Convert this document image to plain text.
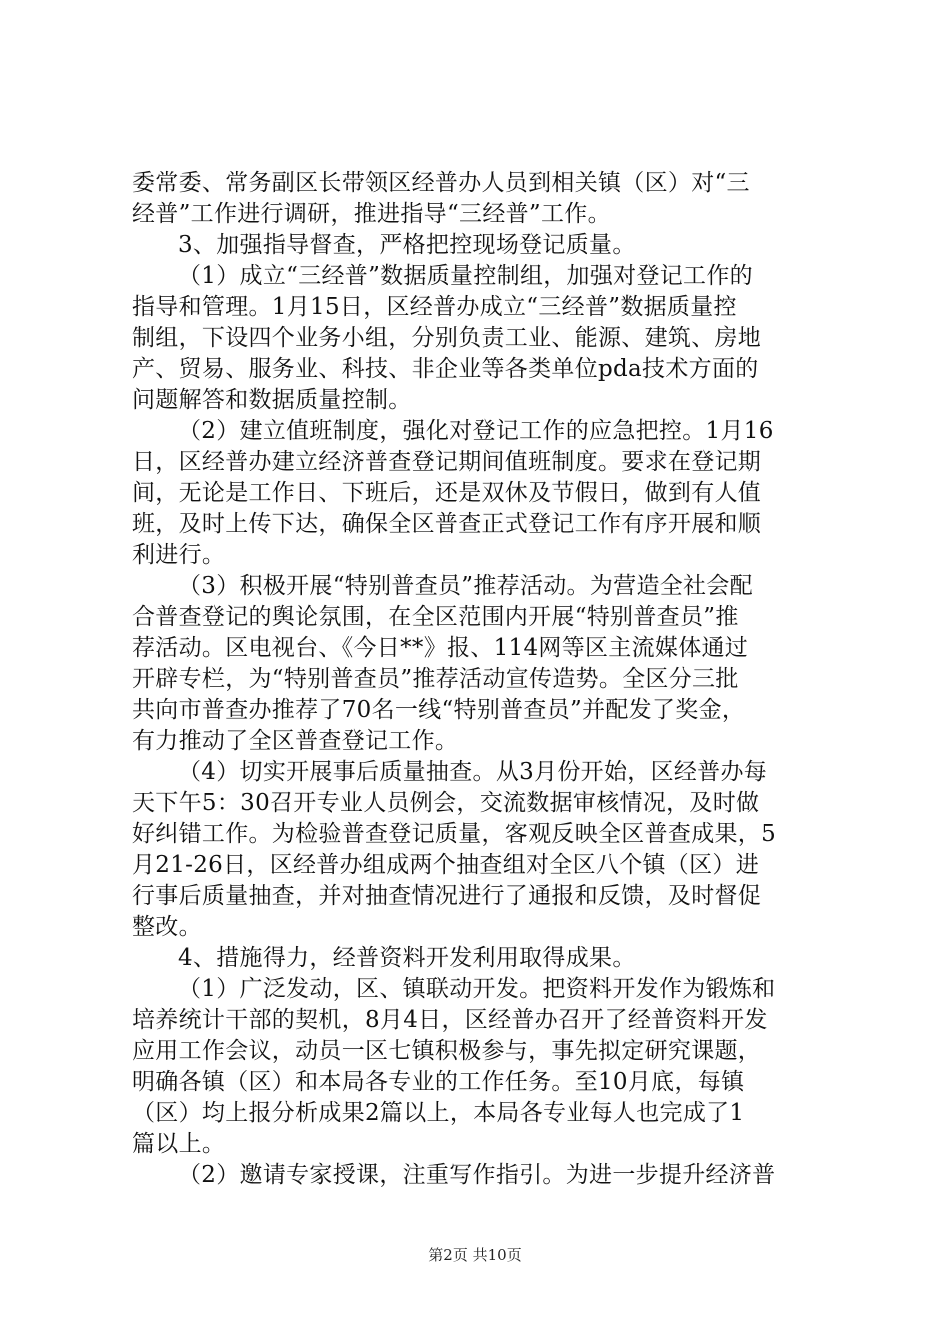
委常委、常务副区长带领区经普办人员到相关镇（区）对“三
经普”工作进行调研，推进指导“三经普”工作。
3、加强指导督查，严格把控现场登记质量。
（1）成立“三经普”数据质量控制组，加强对登记工作的
指导和管理。1月15日，区经普办成立“三经普”数据质量控
制组，下设四个业务小组，分别负责工业、能源、建筑、房地
产、贸易、服务业、科技、非企业等各类单位pda技术方面的
问题解答和数据质量控制。
（2）建立值班制度，强化对登记工作的应急把控。1月16
日，区经普办建立经济普查登记期间值班制度。要求在登记期
间，无论是工作日、下班后，还是双休及节假日，做到有人值
班，及时上传下达，确保全区普查正式登记工作有序开展和顺
利进行。
（3）积极开展“特别普查员”推荐活动。为营造全社会配
合普查登记的舆论氛围，在全区范围内开展“特别普查员”推
荐活动。区电视台、《今日**》报、114网等区主流媒体通过
开辟专栏，为“特别普查员”推荐活动宣传造势。全区分三批
共向市普查办推荐了70名一线“特别普查员”并配发了奖金，
有力推动了全区普查登记工作。
（4）切实开展事后质量抽查。从3月份开始，区经普办每
天下午5：30召开专业人员例会，交流数据审核情况，及时做
好纠错工作。为检验普查登记质量，客观反映全区普查成果，5
月21-26日，区经普办组成两个抽查组对全区八个镇（区）进
行事后质量抽查，并对抽查情况进行了通报和反馈，及时督促
整改。
4、措施得力，经普资料开发利用取得成果。
（1）广泛发动，区、镇联动开发。把资料开发作为锻炼和
培养统计干部的契机，8月4日，区经普办召开了经普资料开发
应用工作会议，动员一区七镇积极参与，事先拟定研究课题，
明确各镇（区）和本局各专业的工作任务。至10月底，每镇
（区）均上报分析成果2篇以上，本局各专业每人也完成了1
篇以上。
（2）邀请专家授课，注重写作指引。为进一步提升经济普
第2页 共10页
